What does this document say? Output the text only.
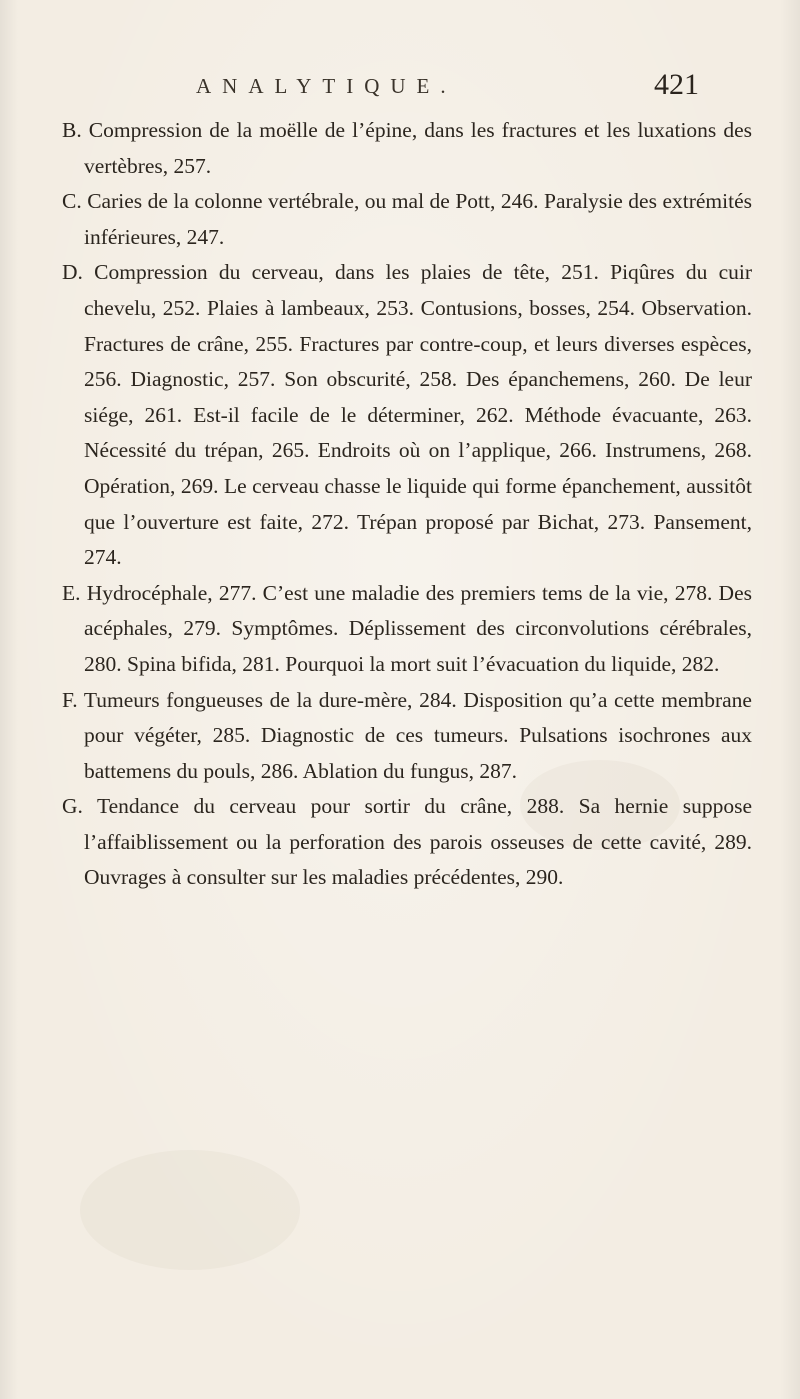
ANALYTIQUE.	421

B. Compression de la moëlle de l’épine, dans les fractures et les luxations des vertèbres, 257.

C. Caries de la colonne vertébrale, ou mal de Pott, 246. Paralysie des extrémités inférieures, 247.

D. Compression du cerveau, dans les plaies de tête, 251. Piqûres du cuir chevelu, 252. Plaies à lambeaux, 253. Contusions, bosses, 254. Observation. Fractures de crâne, 255. Fractures par contre-coup, et leurs diverses espèces, 256. Diagnostic, 257. Son obscurité, 258. Des épanchemens, 260. De leur siége, 261. Est-il facile de le déterminer, 262. Méthode évacuante, 263. Nécessité du trépan, 265. Endroits où on l’applique, 266. Instrumens, 268. Opération, 269. Le cerveau chasse le liquide qui forme épanchement, aussitôt que l’ouverture est faite, 272. Trépan proposé par Bichat, 273. Pansement, 274.

E. Hydrocéphale, 277. C’est une maladie des premiers tems de la vie, 278. Des acéphales, 279. Symptômes. Déplissement des circonvolutions cérébrales, 280. Spina bifida, 281. Pourquoi la mort suit l’évacuation du liquide, 282.

F. Tumeurs fongueuses de la dure-mère, 284. Disposition qu’a cette membrane pour végéter, 285. Diagnostic de ces tumeurs. Pulsations isochrones aux battemens du pouls, 286. Ablation du fungus, 287.

G. Tendance du cerveau pour sortir du crâne, 288. Sa hernie suppose l’affaiblissement ou la perforation des parois osseuses de cette cavité, 289. Ouvrages à consulter sur les maladies précédentes, 290.
